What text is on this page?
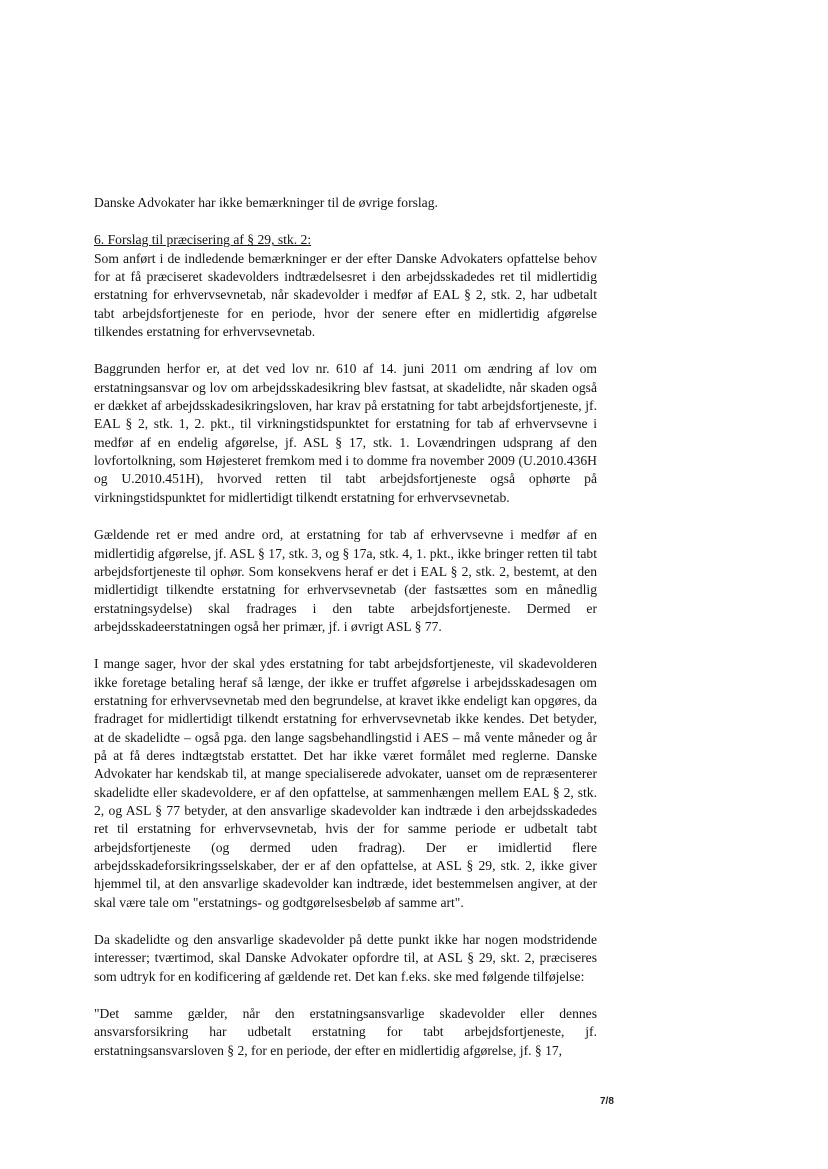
Danske Advokater har ikke bemærkninger til de øvrige forslag.

6. Forslag til præcisering af § 29, stk. 2:

Som anført i de indledende bemærkninger er der efter Danske Advokaters opfattelse behov for at få præciseret skadevolders indtrædelsesret i den arbejdsskadedes ret til midlertidig erstatning for erhvervsevnetab, når skadevolder i medfør af EAL § 2, stk. 2, har udbetalt tabt arbejdsfortjeneste for en periode, hvor der senere efter en midlertidig afgørelse tilkendes erstatning for erhvervsevnetab.

Baggrunden herfor er, at det ved lov nr. 610 af 14. juni 2011 om ændring af lov om erstatningsansvar og lov om arbejdsskadesikring blev fastsat, at skadelidte, når skaden også er dækket af arbejdsskadesikringsloven, har krav på erstatning for tabt arbejdsfortjeneste, jf. EAL § 2, stk. 1, 2. pkt., til virkningstidspunktet for erstatning for tab af erhvervsevne i medfør af en endelig afgørelse, jf. ASL § 17, stk. 1. Lovændringen udsprang af den lovfortolkning, som Højesteret fremkom med i to domme fra november 2009 (U.2010.436H og U.2010.451H), hvorved retten til tabt arbejdsfortjeneste også ophørte på virkningstidspunktet for midlertidigt tilkendt erstatning for erhvervsevnetab.

Gældende ret er med andre ord, at erstatning for tab af erhvervsevne i medfør af en midlertidig afgørelse, jf. ASL § 17, stk. 3, og § 17a, stk. 4, 1. pkt., ikke bringer retten til tabt arbejdsfortjeneste til ophør. Som konsekvens heraf er det i EAL § 2, stk. 2, bestemt, at den midlertidigt tilkendte erstatning for erhvervsevnetab (der fastsættes som en månedlig erstatningsydelse) skal fradrages i den tabte arbejdsfortjeneste. Dermed er arbejdsskadeerstatningen også her primær, jf. i øvrigt ASL § 77.

I mange sager, hvor der skal ydes erstatning for tabt arbejdsfortjeneste, vil skadevolderen ikke foretage betaling heraf så længe, der ikke er truffet afgørelse i arbejdsskadesagen om erstatning for erhvervsevnetab med den begrundelse, at kravet ikke endeligt kan opgøres, da fradraget for midlertidigt tilkendt erstatning for erhvervsevnetab ikke kendes. Det betyder, at de skadelidte – også pga. den lange sagsbehandlingstid i AES – må vente måneder og år på at få deres indtægtstab erstattet. Det har ikke været formålet med reglerne. Danske Advokater har kendskab til, at mange specialiserede advokater, uanset om de repræsenterer skadelidte eller skadevoldere, er af den opfattelse, at sammenhængen mellem EAL § 2, stk. 2, og ASL § 77 betyder, at den ansvarlige skadevolder kan indtræde i den arbejdsskadedes ret til erstatning for erhvervsevnetab, hvis der for samme periode er udbetalt tabt arbejdsfortjeneste (og dermed uden fradrag). Der er imidlertid flere arbejdsskadeforsikringsselskaber, der er af den opfattelse, at ASL § 29, stk. 2, ikke giver hjemmel til, at den ansvarlige skadevolder kan indtræde, idet bestemmelsen angiver, at der skal være tale om "erstatnings- og godtgørelsesbeløb af samme art".

Da skadelidte og den ansvarlige skadevolder på dette punkt ikke har nogen modstridende interesser; tværtimod, skal Danske Advokater opfordre til, at ASL § 29, skt. 2, præciseres som udtryk for en kodificering af gældende ret. Det kan f.eks. ske med følgende tilføjelse:

"Det samme gælder, når den erstatningsansvarlige skadevolder eller dennes ansvarsforsikring har udbetalt erstatning for tabt arbejdsfortjeneste, jf. erstatningsansvarsloven § 2, for en periode, der efter en midlertidig afgørelse, jf. § 17,

7/8
